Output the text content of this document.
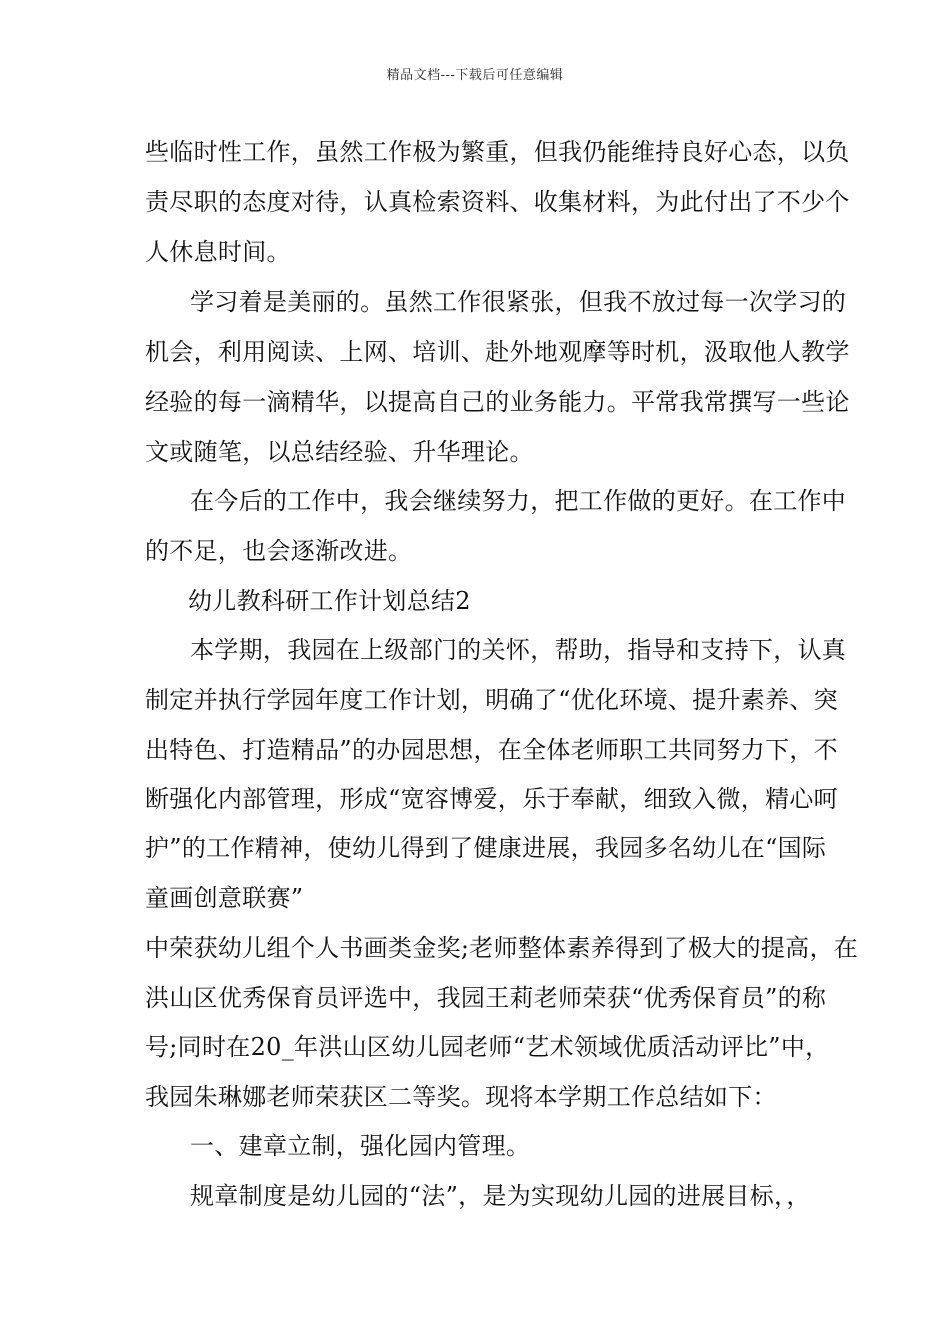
精品文档---下载后可任意编辑
些临时性工作，虽然工作极为繁重，但我仍能维持良好心态，以负
责尽职的态度对待，认真检索资料、收集材料，为此付出了不少个
人休息时间。
学习着是美丽的。虽然工作很紧张，但我不放过每一次学习的
机会，利用阅读、上网、培训、赴外地观摩等时机，汲取他人教学
经验的每一滴精华，以提高自己的业务能力。平常我常撰写一些论
文或随笔，以总结经验、升华理论。
在今后的工作中，我会继续努力，把工作做的更好。在工作中
的不足，也会逐渐改进。
幼儿教科研工作计划总结2
本学期，我园在上级部门的关怀，帮助，指导和支持下，认真
制定并执行学园年度工作计划，明确了“优化环境、提升素养、突
出特色、打造精品”的办园思想，在全体老师职工共同努力下，不
断强化内部管理，形成“宽容博爱，乐于奉献，细致入微，精心呵
护”的工作精神，使幼儿得到了健康进展，我园多名幼儿在“国际
童画创意联赛”
中荣获幼儿组个人书画类金奖;老师整体素养得到了极大的提高，在
洪山区优秀保育员评选中，我园王莉老师荣获“优秀保育员”的称
号;同时在20_年洪山区幼儿园老师“艺术领域优质活动评比”中，
我园朱琳娜老师荣获区二等奖。现将本学期工作总结如下：
一、建章立制，强化园内管理。
规章制度是幼儿园的“法”，是为实现幼儿园的进展目标，，
